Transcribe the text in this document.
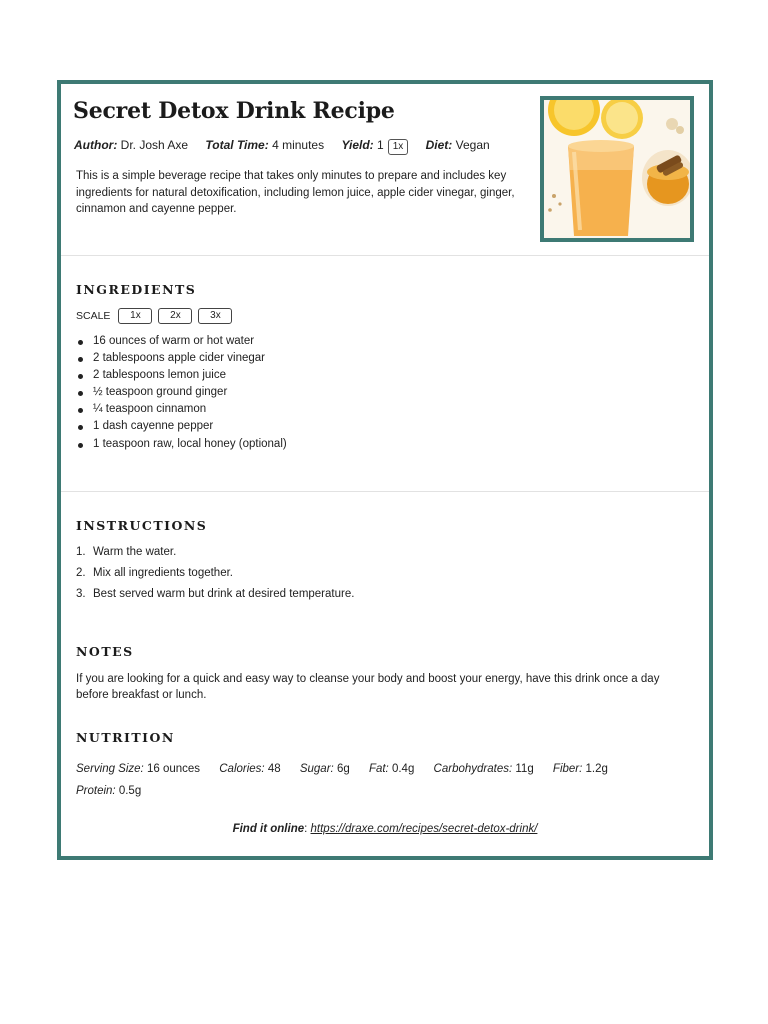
Secret Detox Drink Recipe
Author: Dr. Josh Axe Total Time: 4 minutes Yield: 1 1x Diet: Vegan
This is a simple beverage recipe that takes only minutes to prepare and includes key ingredients for natural detoxification, including lemon juice, apple cider vinegar, ginger, cinnamon and cayenne pepper.
INGREDIENTS
SCALE	1x	2x	3x
16 ounces of warm or hot water
2 tablespoons apple cider vinegar
2 tablespoons lemon juice
½ teaspoon ground ginger
¼ teaspoon cinnamon
1 dash cayenne pepper
1 teaspoon raw, local honey (optional)
INSTRUCTIONS
1. Warm the water.
2. Mix all ingredients together.
3. Best served warm but drink at desired temperature.
NOTES
If you are looking for a quick and easy way to cleanse your body and boost your energy, have this drink once a day before breakfast or lunch.
NUTRITION
Serving Size: 16 ounces Calories: 48 Sugar: 6g Fat: 0.4g Carbohydrates: 11g Fiber: 1.2g Protein: 0.5g
Find it online: https://draxe.com/recipes/secret-detox-drink/
